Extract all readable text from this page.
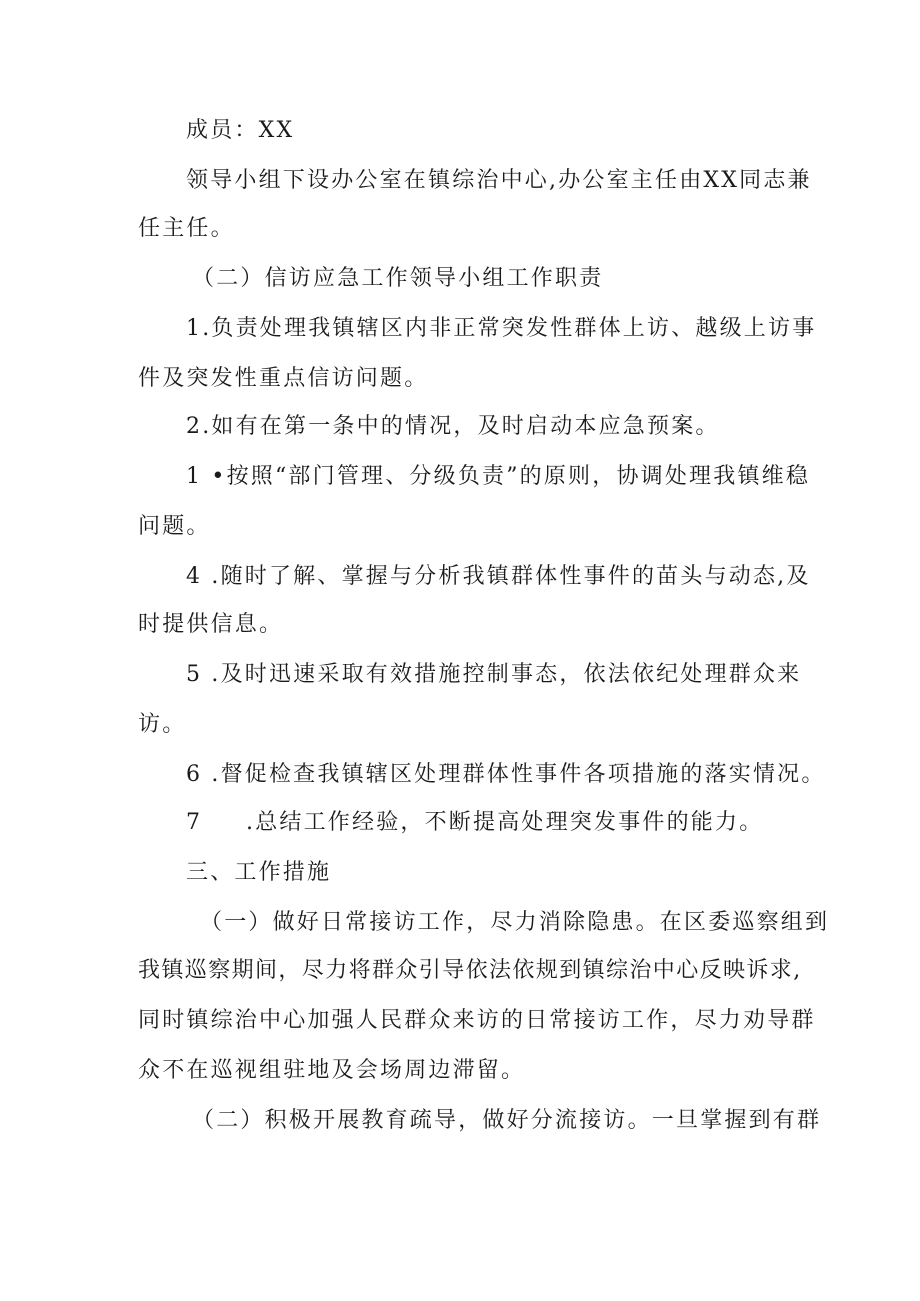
成员：XX
领导小组下设办公室在镇综治中心,办公室主任由XX同志兼
任主任。
（二）信访应急工作领导小组工作职责
1.负责处理我镇辖区内非正常突发性群体上访、越级上访事
件及突发性重点信访问题。
2.如有在第一条中的情况，及时启动本应急预案。
1 •按照“部门管理、分级负责”的原则，协调处理我镇维稳
问题。
4 .随时了解、掌握与分析我镇群体性事件的苗头与动态,及
时提供信息。
5 .及时迅速采取有效措施控制事态，依法依纪处理群众来
访。
6 .督促检查我镇辖区处理群体性事件各项措施的落实情况。
7 .总结工作经验，不断提高处理突发事件的能力。
三、工作措施
（一）做好日常接访工作，尽力消除隐患。在区委巡察组到
我镇巡察期间，尽力将群众引导依法依规到镇综治中心反映诉求,
同时镇综治中心加强人民群众来访的日常接访工作，尽力劝导群
众不在巡视组驻地及会场周边滞留。
（二）积极开展教育疏导，做好分流接访。一旦掌握到有群
